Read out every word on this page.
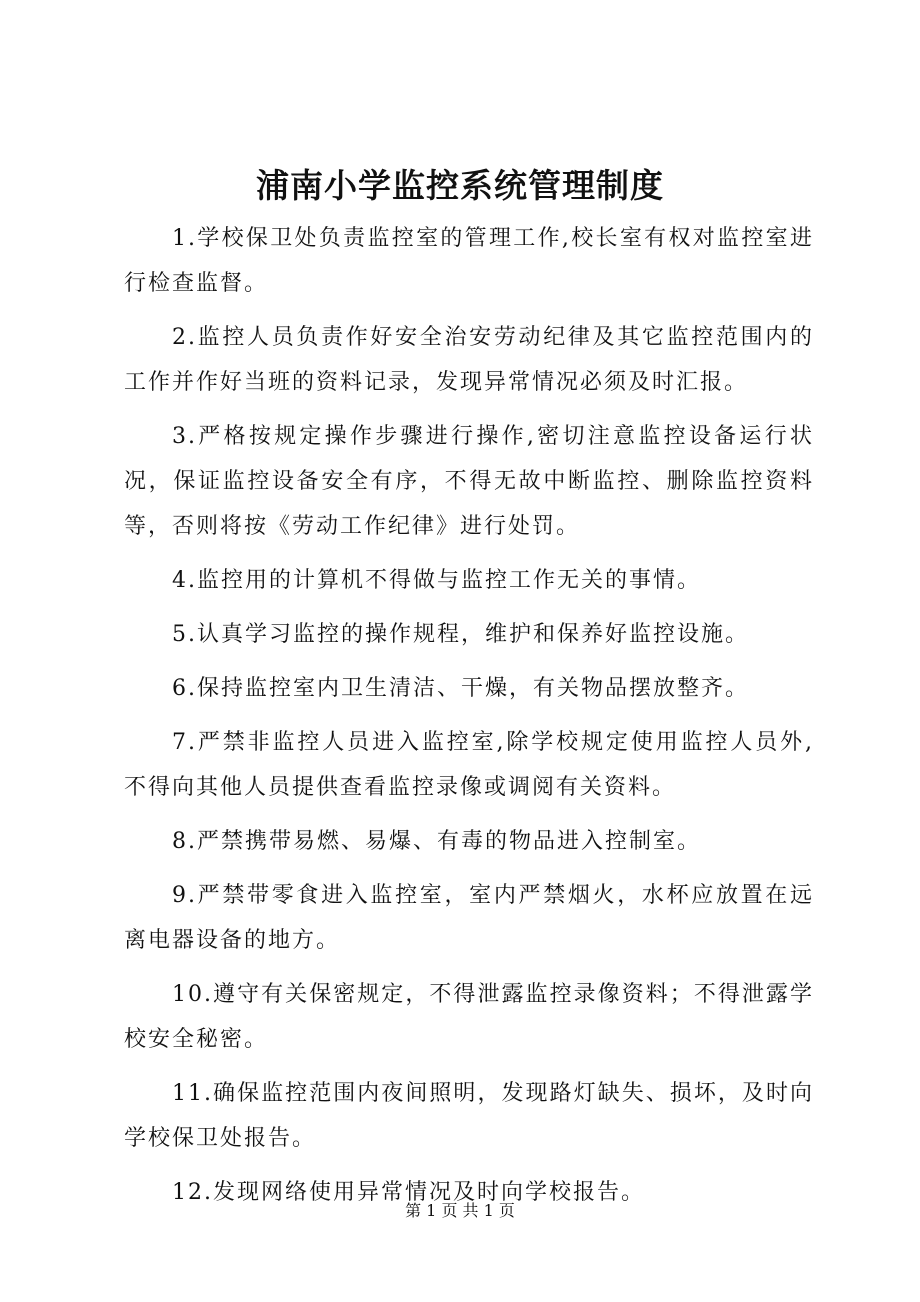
浦南小学监控系统管理制度

1.学校保卫处负责监控室的管理工作,校长室有权对监控室进行检查监督。

2.监控人员负责作好安全治安劳动纪律及其它监控范围内的工作并作好当班的资料记录，发现异常情况必须及时汇报。

3.严格按规定操作步骤进行操作,密切注意监控设备运行状况，保证监控设备安全有序，不得无故中断监控、删除监控资料等，否则将按《劳动工作纪律》进行处罚。

4.监控用的计算机不得做与监控工作无关的事情。

5.认真学习监控的操作规程，维护和保养好监控设施。

6.保持监控室内卫生清洁、干燥，有关物品摆放整齐。

7.严禁非监控人员进入监控室,除学校规定使用监控人员外,不得向其他人员提供查看监控录像或调阅有关资料。

8.严禁携带易燃、易爆、有毒的物品进入控制室。

9.严禁带零食进入监控室，室内严禁烟火，水杯应放置在远离电器设备的地方。

10.遵守有关保密规定，不得泄露监控录像资料；不得泄露学校安全秘密。

11.确保监控范围内夜间照明，发现路灯缺失、损坏，及时向学校保卫处报告。

12.发现网络使用异常情况及时向学校报告。

第 1 页 共 1 页
